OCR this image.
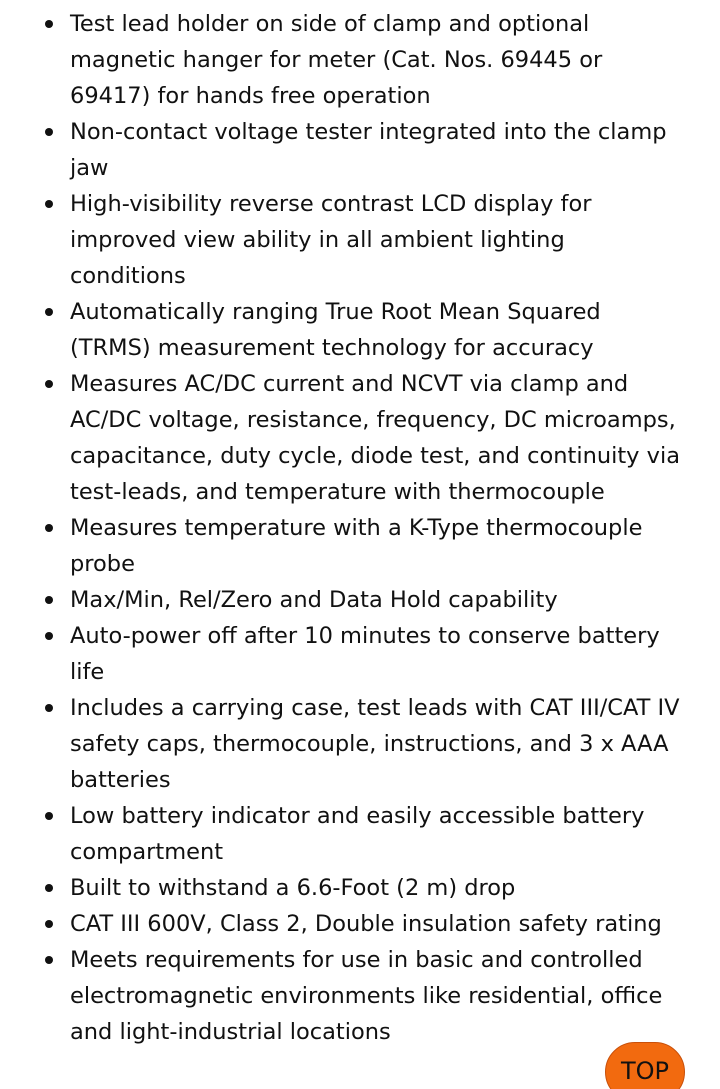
Test lead holder on side of clamp and optional magnetic hanger for meter (Cat. Nos. 69445 or 69417) for hands free operation
Non-contact voltage tester integrated into the clamp jaw
High-visibility reverse contrast LCD display for improved view ability in all ambient lighting conditions
Automatically ranging True Root Mean Squared (TRMS) measurement technology for accuracy
Measures AC/DC current and NCVT via clamp and AC/DC voltage, resistance, frequency, DC microamps, capacitance, duty cycle, diode test, and continuity via test-leads, and temperature with thermocouple
Measures temperature with a K-Type thermocouple probe
Max/Min, Rel/Zero and Data Hold capability
Auto-power off after 10 minutes to conserve battery life
Includes a carrying case, test leads with CAT III/CAT IV safety caps, thermocouple, instructions, and 3 x AAA batteries
Low battery indicator and easily accessible battery compartment
Built to withstand a 6.6-Foot (2 m) drop
CAT III 600V, Class 2, Double insulation safety rating
Meets requirements for use in basic and controlled electromagnetic environments like residential, office and light-industrial locations
TOP
